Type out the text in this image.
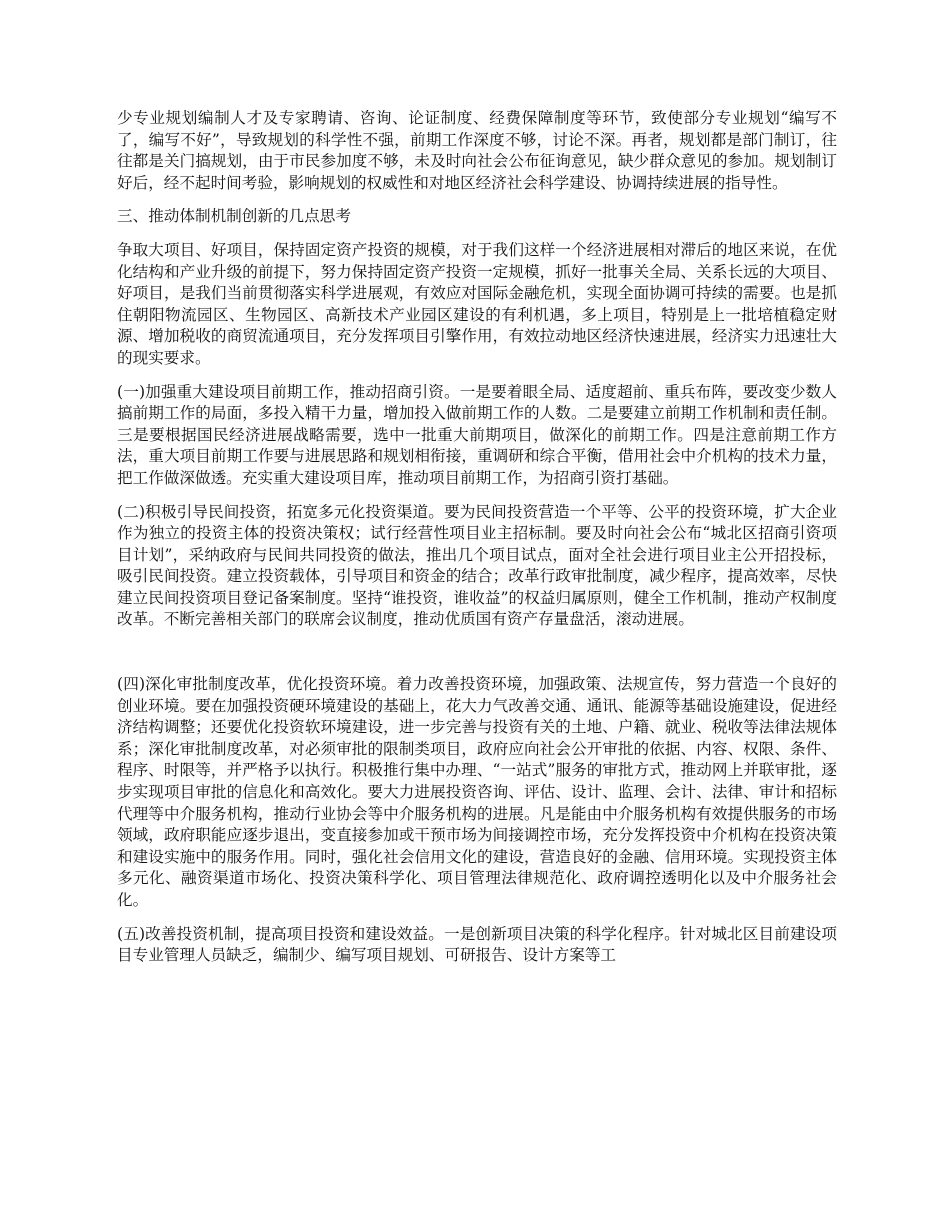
少专业规划编制人才及专家聘请、咨询、论证制度、经费保障制度等环节，致使部分专业规划“编写不了，编写不好”，导致规划的科学性不强，前期工作深度不够，讨论不深。再者，规划都是部门制订，往往都是关门搞规划，由于市民参加度不够，未及时向社会公布征询意见，缺少群众意见的参加。规划制订好后，经不起时间考验，影响规划的权威性和对地区经济社会科学建设、协调持续进展的指导性。

三、推动体制机制创新的几点思考

争取大项目、好项目，保持固定资产投资的规模，对于我们这样一个经济进展相对滞后的地区来说，在优化结构和产业升级的前提下，努力保持固定资产投资一定规模，抓好一批事关全局、关系长远的大项目、好项目，是我们当前贯彻落实科学进展观，有效应对国际金融危机，实现全面协调可持续的需要。也是抓住朝阳物流园区、生物园区、高新技术产业园区建设的有利机遇，多上项目，特别是上一批培植稳定财源、增加税收的商贸流通项目，充分发挥项目引擎作用，有效拉动地区经济快速进展，经济实力迅速壮大的现实要求。

(一)加强重大建设项目前期工作，推动招商引资。一是要着眼全局、适度超前、重兵布阵，要改变少数人搞前期工作的局面，多投入精干力量，增加投入做前期工作的人数。二是要建立前期工作机制和责任制。三是要根据国民经济进展战略需要，选中一批重大前期项目，做深化的前期工作。四是注意前期工作方法，重大项目前期工作要与进展思路和规划相衔接，重调研和综合平衡，借用社会中介机构的技术力量，把工作做深做透。充实重大建设项目库，推动项目前期工作，为招商引资打基础。

(二)积极引导民间投资，拓宽多元化投资渠道。要为民间投资营造一个平等、公平的投资环境，扩大企业作为独立的投资主体的投资决策权；试行经营性项目业主招标制。要及时向社会公布“城北区招商引资项目计划”，采纳政府与民间共同投资的做法，推出几个项目试点，面对全社会进行项目业主公开招投标，吸引民间投资。建立投资载体，引导项目和资金的结合；改革行政审批制度，减少程序，提高效率，尽快建立民间投资项目登记备案制度。坚持“谁投资，谁收益”的权益归属原则，健全工作机制，推动产权制度改革。不断完善相关部门的联席会议制度，推动优质国有资产存量盘活，滚动进展。

(四)深化审批制度改革，优化投资环境。着力改善投资环境，加强政策、法规宣传，努力营造一个良好的创业环境。要在加强投资硬环境建设的基础上，花大力气改善交通、通讯、能源等基础设施建设，促进经济结构调整；还要优化投资软环境建设，进一步完善与投资有关的土地、户籍、就业、税收等法律法规体系；深化审批制度改革，对必须审批的限制类项目，政府应向社会公开审批的依据、内容、权限、条件、程序、时限等，并严格予以执行。积极推行集中办理、“一站式”服务的审批方式，推动网上并联审批，逐步实现项目审批的信息化和高效化。要大力进展投资咨询、评估、设计、监理、会计、法律、审计和招标代理等中介服务机构，推动行业协会等中介服务机构的进展。凡是能由中介服务机构有效提供服务的市场领域，政府职能应逐步退出，变直接参加或干预市场为间接调控市场，充分发挥投资中介机构在投资决策和建设实施中的服务作用。同时，强化社会信用文化的建设，营造良好的金融、信用环境。实现投资主体多元化、融资渠道市场化、投资决策科学化、项目管理法律规范化、政府调控透明化以及中介服务社会化。

(五)改善投资机制，提高项目投资和建设效益。一是创新项目决策的科学化程序。针对城北区目前建设项目专业管理人员缺乏，编制少、编写项目规划、可研报告、设计方案等工
